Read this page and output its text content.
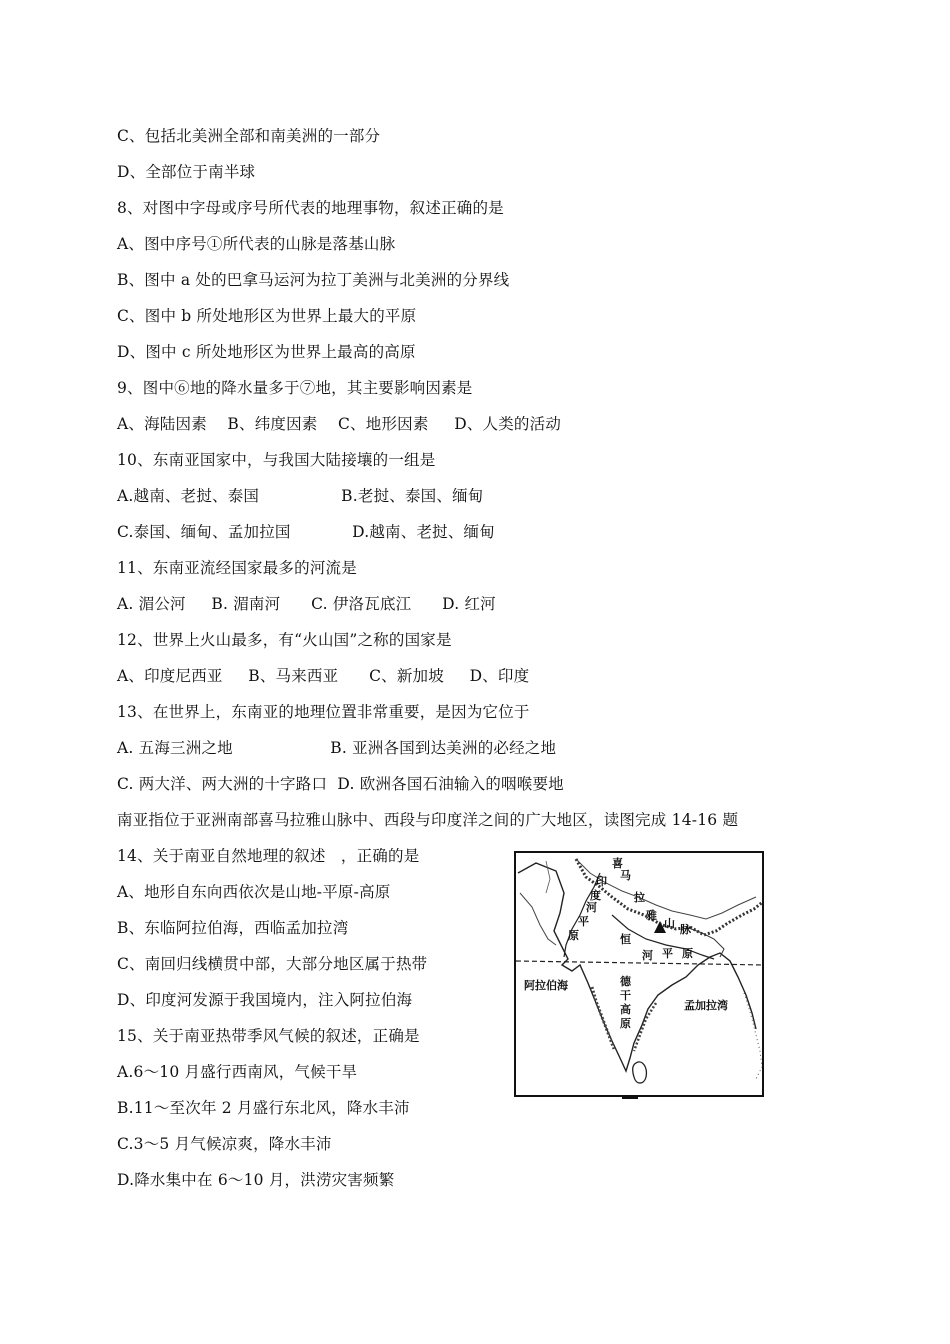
C、包括北美洲全部和南美洲的一部分
D、全部位于南半球
8、对图中字母或序号所代表的地理事物，叙述正确的是
A、图中序号①所代表的山脉是落基山脉
B、图中 a 处的巴拿马运河为拉丁美洲与北美洲的分界线
C、图中 b 所处地形区为世界上最大的平原
D、图中 c 所处地形区为世界上最高的高原
9、图中⑥地的降水量多于⑦地，其主要影响因素是
A、海陆因素    B、纬度因素    C、地形因素     D、人类的活动
10、东南亚国家中，与我国大陆接壤的一组是
A.越南、老挝、泰国                B.老挝、泰国、缅甸
C.泰国、缅甸、孟加拉国            D.越南、老挝、缅甸
11、东南亚流经国家最多的河流是
A. 湄公河     B. 湄南河      C. 伊洛瓦底江      D. 红河
12、世界上火山最多，有“火山国”之称的国家是
A、印度尼西亚     B、马来西亚      C、新加坡     D、印度
13、在世界上，东南亚的地理位置非常重要，是因为它位于
A. 五海三洲之地                   B. 亚洲各国到达美洲的必经之地
C. 两大洋、两大洲的十字路口  D. 欧洲各国石油输入的咽喉要地
南亚指位于亚洲南部喜马拉雅山脉中、西段与印度洋之间的广大地区，读图完成 14-16 题
14、关于南亚自然地理的叙述   ，正确的是
A、地形自东向西依次是山地-平原-高原
B、东临阿拉伯海，西临孟加拉湾
C、南回归线横贯中部，大部分地区属于热带
D、印度河发源于我国境内，注入阿拉伯海
15、关于南亚热带季风气候的叙述，正确是
A.6～10 月盛行西南风，气候干旱
B.11～至次年 2 月盛行东北风，降水丰沛
C.3～5 月气候凉爽，降水丰沛
D.降水集中在 6～10 月，洪涝灾害频繁
喜
马
印
度
河
平
原
拉
雅
山 脉
恒
河 平 原
阿拉伯海
孟加拉湾
德
干
高
原
